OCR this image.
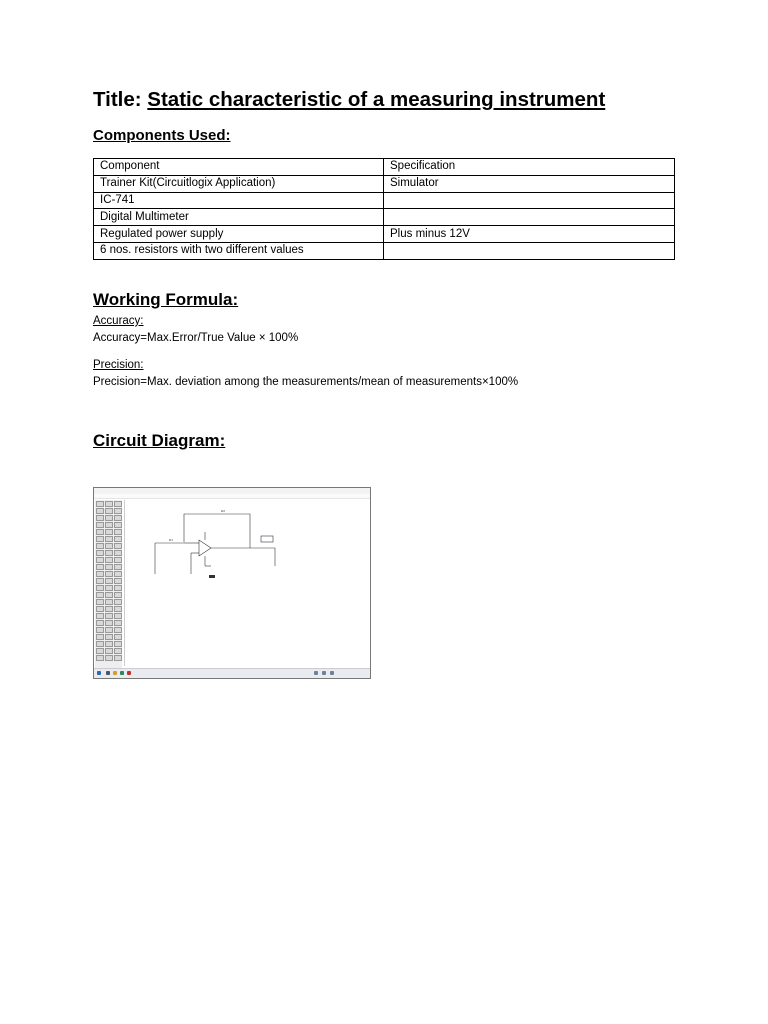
Title: Static characteristic of a measuring instrument
Components Used:
Component	Specification
Trainer Kit(Circuitlogix Application)	Simulator
IC-741	
Digital Multimeter	
Regulated power supply	Plus minus 12V
6 nos. resistors with two different values	
Working Formula:
Accuracy:
Accuracy=Max.Error/True Value × 100%
Precision:
Precision=Max. deviation among the measurements/mean of measurements×100%
Circuit Diagram:
R2
R1
